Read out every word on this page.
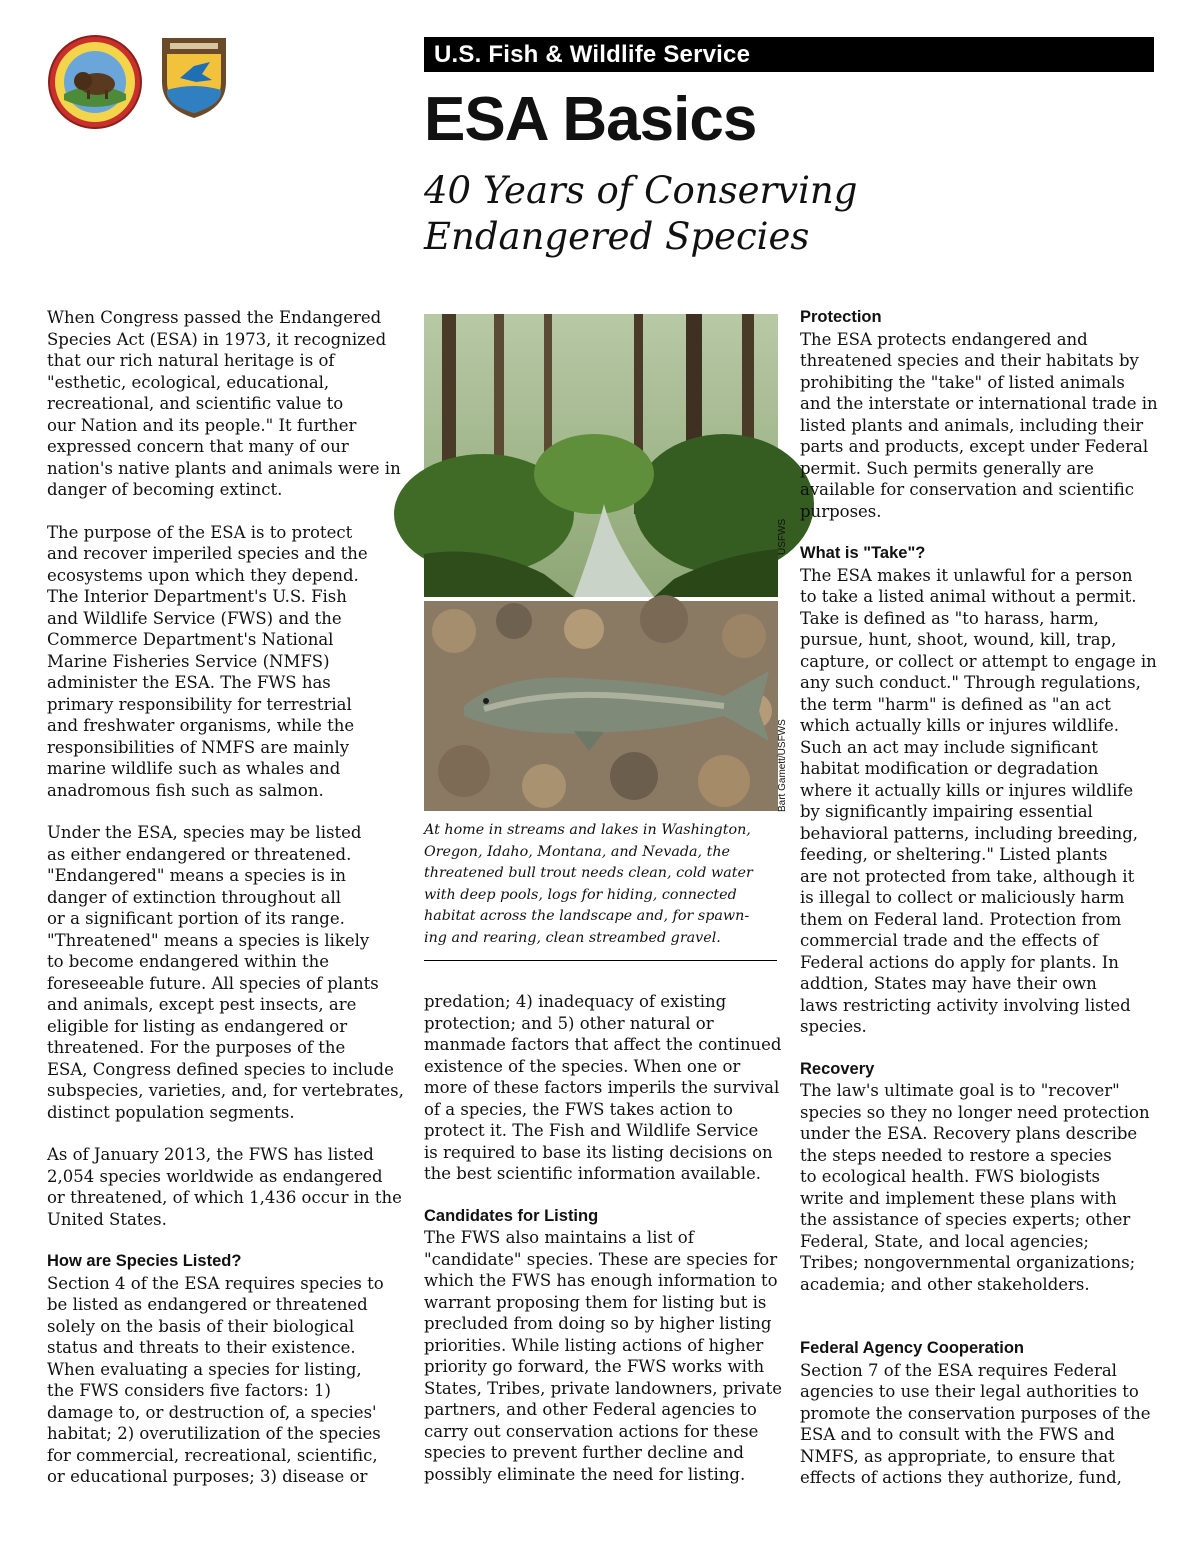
U.S. Fish & Wildlife Service
ESA Basics
40 Years of Conserving
Endangered Species
When Congress passed the Endangered
Species Act (ESA) in 1973, it recognized
that our rich natural heritage is of
"esthetic, ecological, educational,
recreational, and scientific value to
our Nation and its people." It further
expressed concern that many of our
nation's native plants and animals were in
danger of becoming extinct.
The purpose of the ESA is to protect
and recover imperiled species and the
ecosystems upon which they depend.
The Interior Department's U.S. Fish
and Wildlife Service (FWS) and the
Commerce Department's National
Marine Fisheries Service (NMFS)
administer the ESA. The FWS has
primary responsibility for terrestrial
and freshwater organisms, while the
responsibilities of NMFS are mainly
marine wildlife such as whales and
anadromous fish such as salmon.
Under the ESA, species may be listed
as either endangered or threatened.
"Endangered" means a species is in
danger of extinction throughout all
or a significant portion of its range.
"Threatened" means a species is likely
to become endangered within the
foreseeable future. All species of plants
and animals, except pest insects, are
eligible for listing as endangered or
threatened. For the purposes of the
ESA, Congress defined species to include
subspecies, varieties, and, for vertebrates,
distinct population segments.
As of January 2013, the FWS has listed
2,054 species worldwide as endangered
or threatened, of which 1,436 occur in the
United States.
How are Species Listed?
Section 4 of the ESA requires species to
be listed as endangered or threatened
solely on the basis of their biological
status and threats to their existence.
When evaluating a species for listing,
the FWS considers five factors: 1)
damage to, or destruction of, a species'
habitat; 2) overutilization of the species
for commercial, recreational, scientific,
or educational purposes; 3) disease or
USFWS
Bart Gamett/USFWS
At home in streams and lakes in Washington,
Oregon, Idaho, Montana, and Nevada, the
threatened bull trout needs clean, cold water
with deep pools, logs for hiding, connected
habitat across the landscape and, for spawn-
ing and rearing, clean streambed gravel.
predation; 4) inadequacy of existing
protection; and 5) other natural or
manmade factors that affect the continued
existence of the species. When one or
more of these factors imperils the survival
of a species, the FWS takes action to
protect it. The Fish and Wildlife Service
is required to base its listing decisions on
the best scientific information available.
Candidates for Listing
The FWS also maintains a list of
"candidate" species. These are species for
which the FWS has enough information to
warrant proposing them for listing but is
precluded from doing so by higher listing
priorities. While listing actions of higher
priority go forward, the FWS works with
States, Tribes, private landowners, private
partners, and other Federal agencies to
carry out conservation actions for these
species to prevent further decline and
possibly eliminate the need for listing.
Protection
The ESA protects endangered and
threatened species and their habitats by
prohibiting the "take" of listed animals
and the interstate or international trade in
listed plants and animals, including their
parts and products, except under Federal
permit. Such permits generally are
available for conservation and scientific
purposes.
What is "Take"?
The ESA makes it unlawful for a person
to take a listed animal without a permit.
Take is defined as "to harass, harm,
pursue, hunt, shoot, wound, kill, trap,
capture, or collect or attempt to engage in
any such conduct." Through regulations,
the term "harm" is defined as "an act
which actually kills or injures wildlife.
Such an act may include significant
habitat modification or degradation
where it actually kills or injures wildlife
by significantly impairing essential
behavioral patterns, including breeding,
feeding, or sheltering." Listed plants
are not protected from take, although it
is illegal to collect or maliciously harm
them on Federal land. Protection from
commercial trade and the effects of
Federal actions do apply for plants. In
addtion, States may have their own
laws restricting activity involving listed
species.
Recovery
The law's ultimate goal is to "recover"
species so they no longer need protection
under the ESA. Recovery plans describe
the steps needed to restore a species
to ecological health. FWS biologists
write and implement these plans with
the assistance of species experts; other
Federal, State, and local agencies;
Tribes; nongovernmental organizations;
academia; and other stakeholders.
Federal Agency Cooperation
Section 7 of the ESA requires Federal
agencies to use their legal authorities to
promote the conservation purposes of the
ESA and to consult with the FWS and
NMFS, as appropriate, to ensure that
effects of actions they authorize, fund,
